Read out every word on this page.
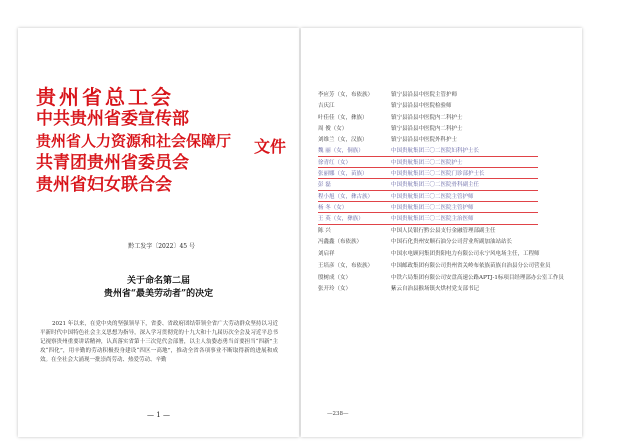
贵州省总工会
中共贵州省委宣传部
贵州省人力资源和社会保障厅
共青团贵州省委员会
贵州省妇女联合会
文件
黔工发字〔2022〕45 号
关于命名第二届
贵州省“最美劳动者”的决定
2021 年以来，在党中央的坚强领导下，省委、省政府团结带领全省广大劳动群众坚持以习近平新时代中国特色社会主义思想为指导，深入学习贯彻党的十九大和十九届历次全会及习近平总书记视察贵州重要讲话精神，认真落实省第十三次党代会部署，以主人翁姿态勇当首要担当“四新”主攻“四化”，用辛勤的劳动积极投身建设“四区一高地”，推动全省各项事业不断取得新的进展和成效。在全社会大涌现一批崇尚劳动、热爱劳动、辛勤
— 1 —
李应芳（女，布依族）	镇宁县沿县中医院主管护师
吉庆江	镇宁县沿县中医院检验师
叶佳佳（女，彝族）	镇宁县沿县中医院内二科护士
周 俊（女）	镇宁县沿县中医院内二科护士
刘维兰（女，汉族）	镇宁县沿县中医院外科护士
魏 丽（女，侗族）	中国贵航集团三〇二医院妇科护士长
徐青红（女）	中国贵航集团三〇二医院护士
张丽娜（女，苗族）	中国贵航集团三〇二医院门诊部护士长
彭 磊	中国贵航集团三〇二医院骨科副主任
程小旭（女，彝古族）	中国贵航集团三〇二医院主管护师
杨 冬（女）	中国贵航集团三〇二医院主管护师
王 英（女，彝族）	中国贵航集团三〇二医院主治医师
陈 兴	中国人民银行黔公县支行金融管理部副主任
冯鑫鑫（布依族）	中国石化贵州安顺石油分公司营业所副加油站站长
刘启祥	中国水电顾问集团贵阳电力有限公司永宁风电场主任，工程师
王培彦（女，布依族）	中国邮政集团有限公司贵州省关岭布依族苗族自治县分公司营业员
殷树成（女）	中铁六局集团有限公司安盘高速公路APTJ-1标项目经理部办公室工作员
张开玲（女）	紫云自治县猴场镇火烘村党支部书记
—238—
